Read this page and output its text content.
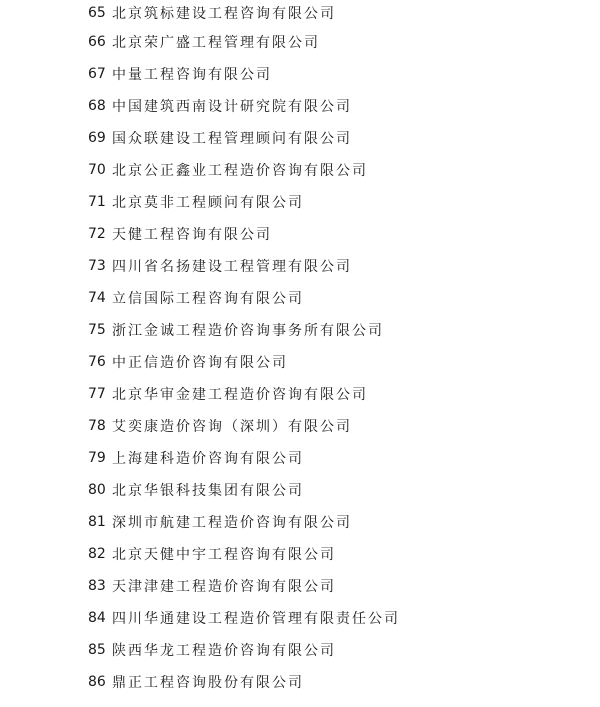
65 北京筑标建设工程咨询有限公司
66 北京荣广盛工程管理有限公司
67 中量工程咨询有限公司
68 中国建筑西南设计研究院有限公司
69 国众联建设工程管理顾问有限公司
70 北京公正鑫业工程造价咨询有限公司
71 北京莫非工程顾问有限公司
72 天健工程咨询有限公司
73 四川省名扬建设工程管理有限公司
74 立信国际工程咨询有限公司
75 浙江金诚工程造价咨询事务所有限公司
76 中正信造价咨询有限公司
77 北京华审金建工程造价咨询有限公司
78 艾奕康造价咨询（深圳）有限公司
79 上海建科造价咨询有限公司
80 北京华银科技集团有限公司
81 深圳市航建工程造价咨询有限公司
82 北京天健中宇工程咨询有限公司
83 天津津建工程造价咨询有限公司
84 四川华通建设工程造价管理有限责任公司
85 陕西华龙工程造价咨询有限公司
86 鼎正工程咨询股份有限公司
